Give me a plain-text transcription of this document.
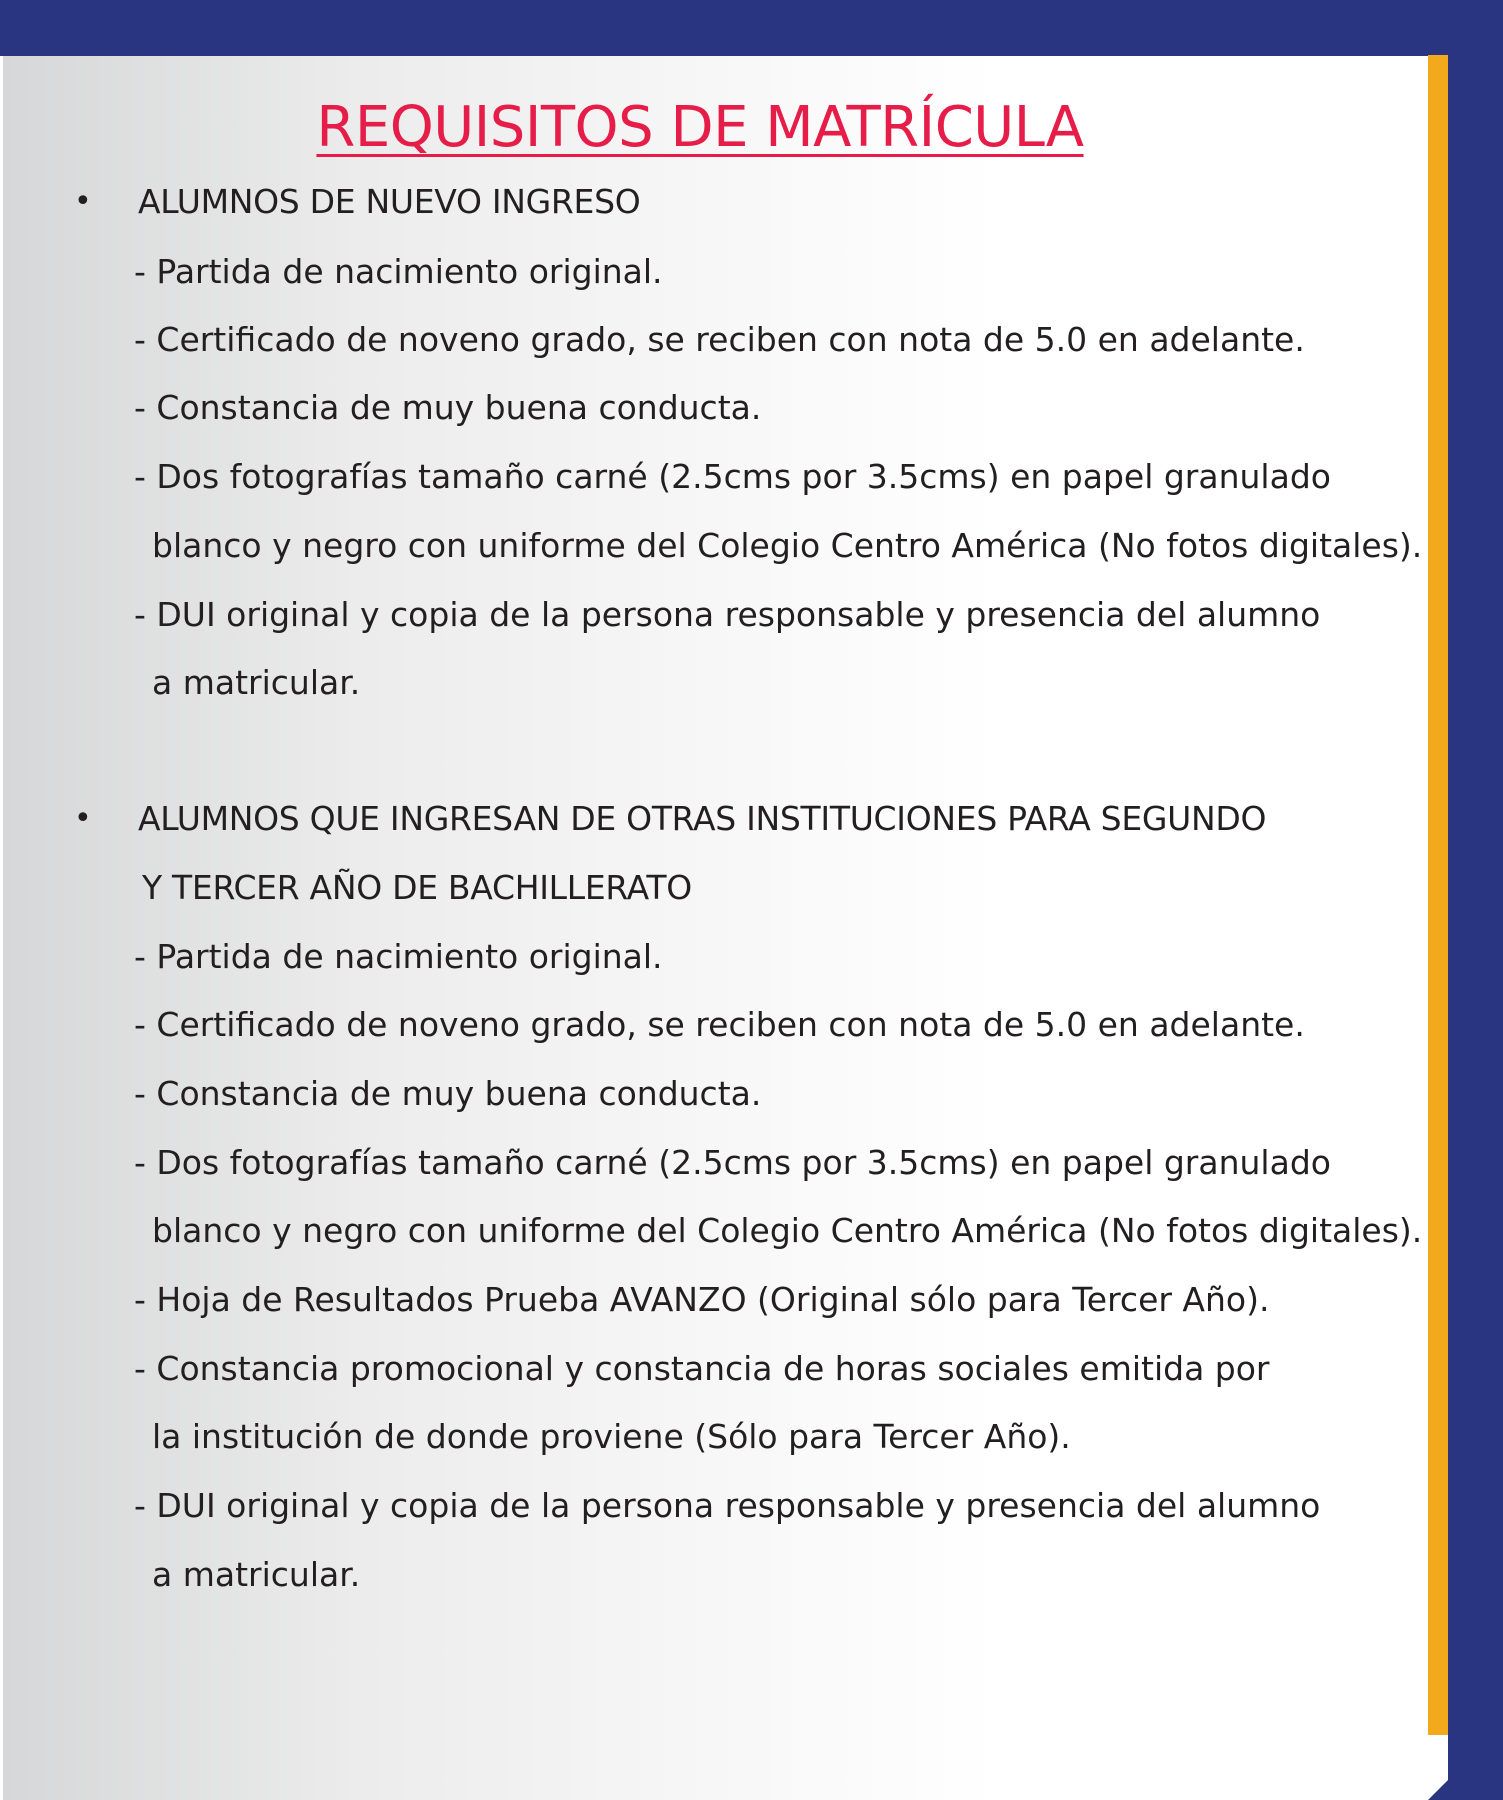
REQUISITOS DE MATRÍCULA
• ALUMNOS DE NUEVO INGRESO
- Partida de nacimiento original.
- Certificado de noveno grado, se reciben con nota de 5.0 en adelante.
- Constancia de muy buena conducta.
- Dos fotografías tamaño carné (2.5cms por 3.5cms) en papel granulado
blanco y negro con uniforme del Colegio Centro América (No fotos digitales).
- DUI original y copia de la persona responsable y presencia del alumno
a matricular.
• ALUMNOS QUE INGRESAN DE OTRAS INSTITUCIONES PARA SEGUNDO
Y TERCER AÑO DE BACHILLERATO
- Partida de nacimiento original.
- Certificado de noveno grado, se reciben con nota de 5.0 en adelante.
- Constancia de muy buena conducta.
- Dos fotografías tamaño carné (2.5cms por 3.5cms) en papel granulado
blanco y negro con uniforme del Colegio Centro América (No fotos digitales).
- Hoja de Resultados Prueba AVANZO (Original sólo para Tercer Año).
- Constancia promocional y constancia de horas sociales emitida por
la institución de donde proviene (Sólo para Tercer Año).
- DUI original y copia de la persona responsable y presencia del alumno
a matricular.
